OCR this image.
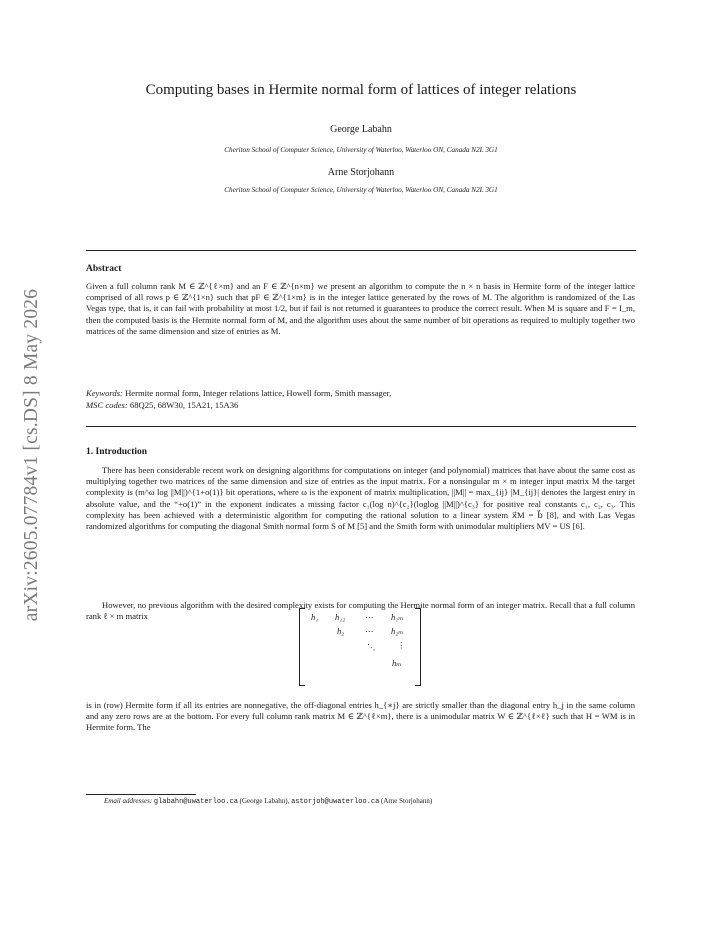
arXiv:2605.07784v1 [cs.DS] 8 May 2026
Computing bases in Hermite normal form of lattices of integer relations
George Labahn
Cheriton School of Computer Science, University of Waterloo, Waterloo ON, Canada N2L 3G1
Arne Storjohann
Cheriton School of Computer Science, University of Waterloo, Waterloo ON, Canada N2L 3G1
Abstract
Given a full column rank M ∈ ℤ^{ℓ×m} and an F ∈ ℤ^{n×m} we present an algorithm to compute the n × n basis in Hermite form of the integer lattice comprised of all rows p ∈ ℤ^{1×n} such that pF ∈ ℤ^{1×m} is in the integer lattice generated by the rows of M. The algorithm is randomized of the Las Vegas type, that is, it can fail with probability at most 1/2, but if fail is not returned it guarantees to produce the correct result. When M is square and F = I_m, then the computed basis is the Hermite normal form of M, and the algorithm uses about the same number of bit operations as required to multiply together two matrices of the same dimension and size of entries as M.
Keywords: Hermite normal form, Integer relations lattice, Howell form, Smith massager,
MSC codes: 68Q25, 68W30, 15A21, 15A36
1. Introduction
There has been considerable recent work on designing algorithms for computations on integer (and polynomial) matrices that have about the same cost as multiplying together two matrices of the same dimension and size of entries as the input matrix. For a nonsingular m × m integer input matrix M the target complexity is (m^ω log ||M||)^{1+o(1)} bit operations, where ω is the exponent of matrix multiplication, ||M|| = max_{ij} |M_{ij}| denotes the largest entry in absolute value, and the “+o(1)” in the exponent indicates a missing factor c₁(log n)^{c₂}(loglog ||M||)^{c₃} for positive real constants c₁, c₂, c₃. This complexity has been achieved with a deterministic algorithm for computing the rational solution to a linear system x⃗M = b⃗ [8], and with Las Vegas randomized algorithms for computing the diagonal Smith normal form S of M [5] and the Smith form with unimodular multipliers MV = US [6].
However, no previous algorithm with the desired complexity exists for computing the Hermite normal form of an integer matrix. Recall that a full column rank ℓ × m matrix	h₁ h₁₂ ⋯ h₁ₘ
h₂ ⋯ h₂ₘ
⋱ ⋮
hₘ
is in (row) Hermite form if all its entries are nonnegative, the off-diagonal entries h_{∗j} are strictly smaller than the diagonal entry h_j in the same column and any zero rows are at the bottom. For every full column rank matrix M ∈ ℤ^{ℓ×m}, there is a unimodular matrix W ∈ ℤ^{ℓ×ℓ} such that H = WM is in Hermite form. The
Email addresses: glabahn@uwaterloo.ca (George Labahn), astorjoh@uwaterloo.ca (Arne Storjohann)
